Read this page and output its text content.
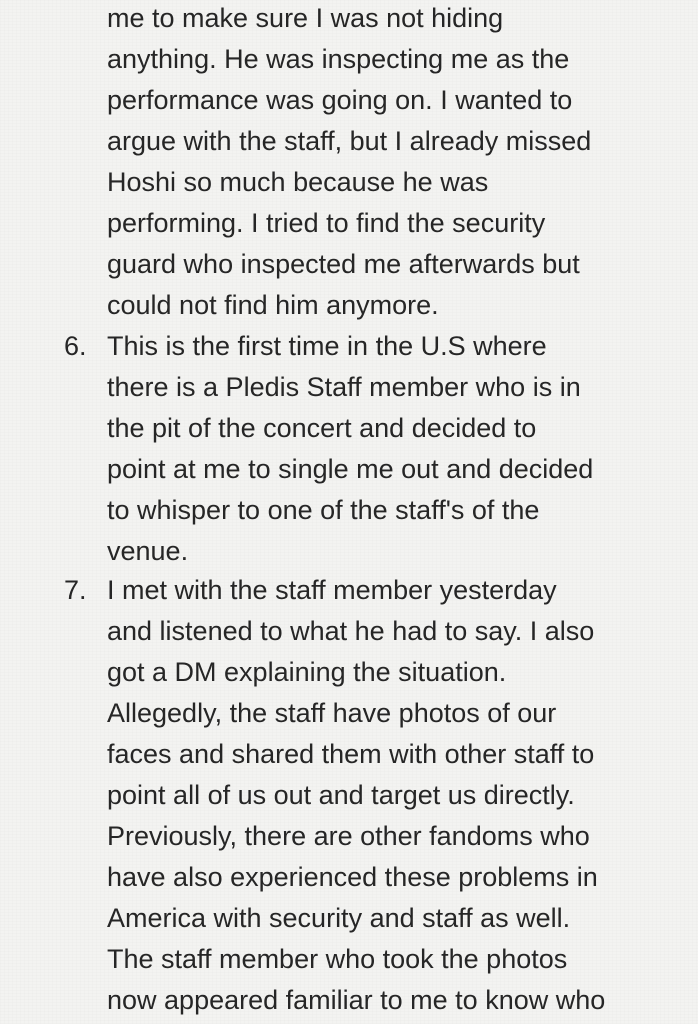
me to make sure I was not hiding
anything. He was inspecting me as the
performance was going on. I wanted to
argue with the staff, but I already missed
Hoshi so much because he was
performing. I tried to find the security
guard who inspected me afterwards but
could not find him anymore.
6. This is the first time in the U.S where
there is a Pledis Staff member who is in
the pit of the concert and decided to
point at me to single me out and decided
to whisper to one of the staff's of the
venue.
7. I met with the staff member yesterday
and listened to what he had to say. I also
got a DM explaining the situation.
Allegedly, the staff have photos of our
faces and shared them with other staff to
point all of us out and target us directly.
Previously, there are other fandoms who
have also experienced these problems in
America with security and staff as well.
The staff member who took the photos
now appeared familiar to me to know who
